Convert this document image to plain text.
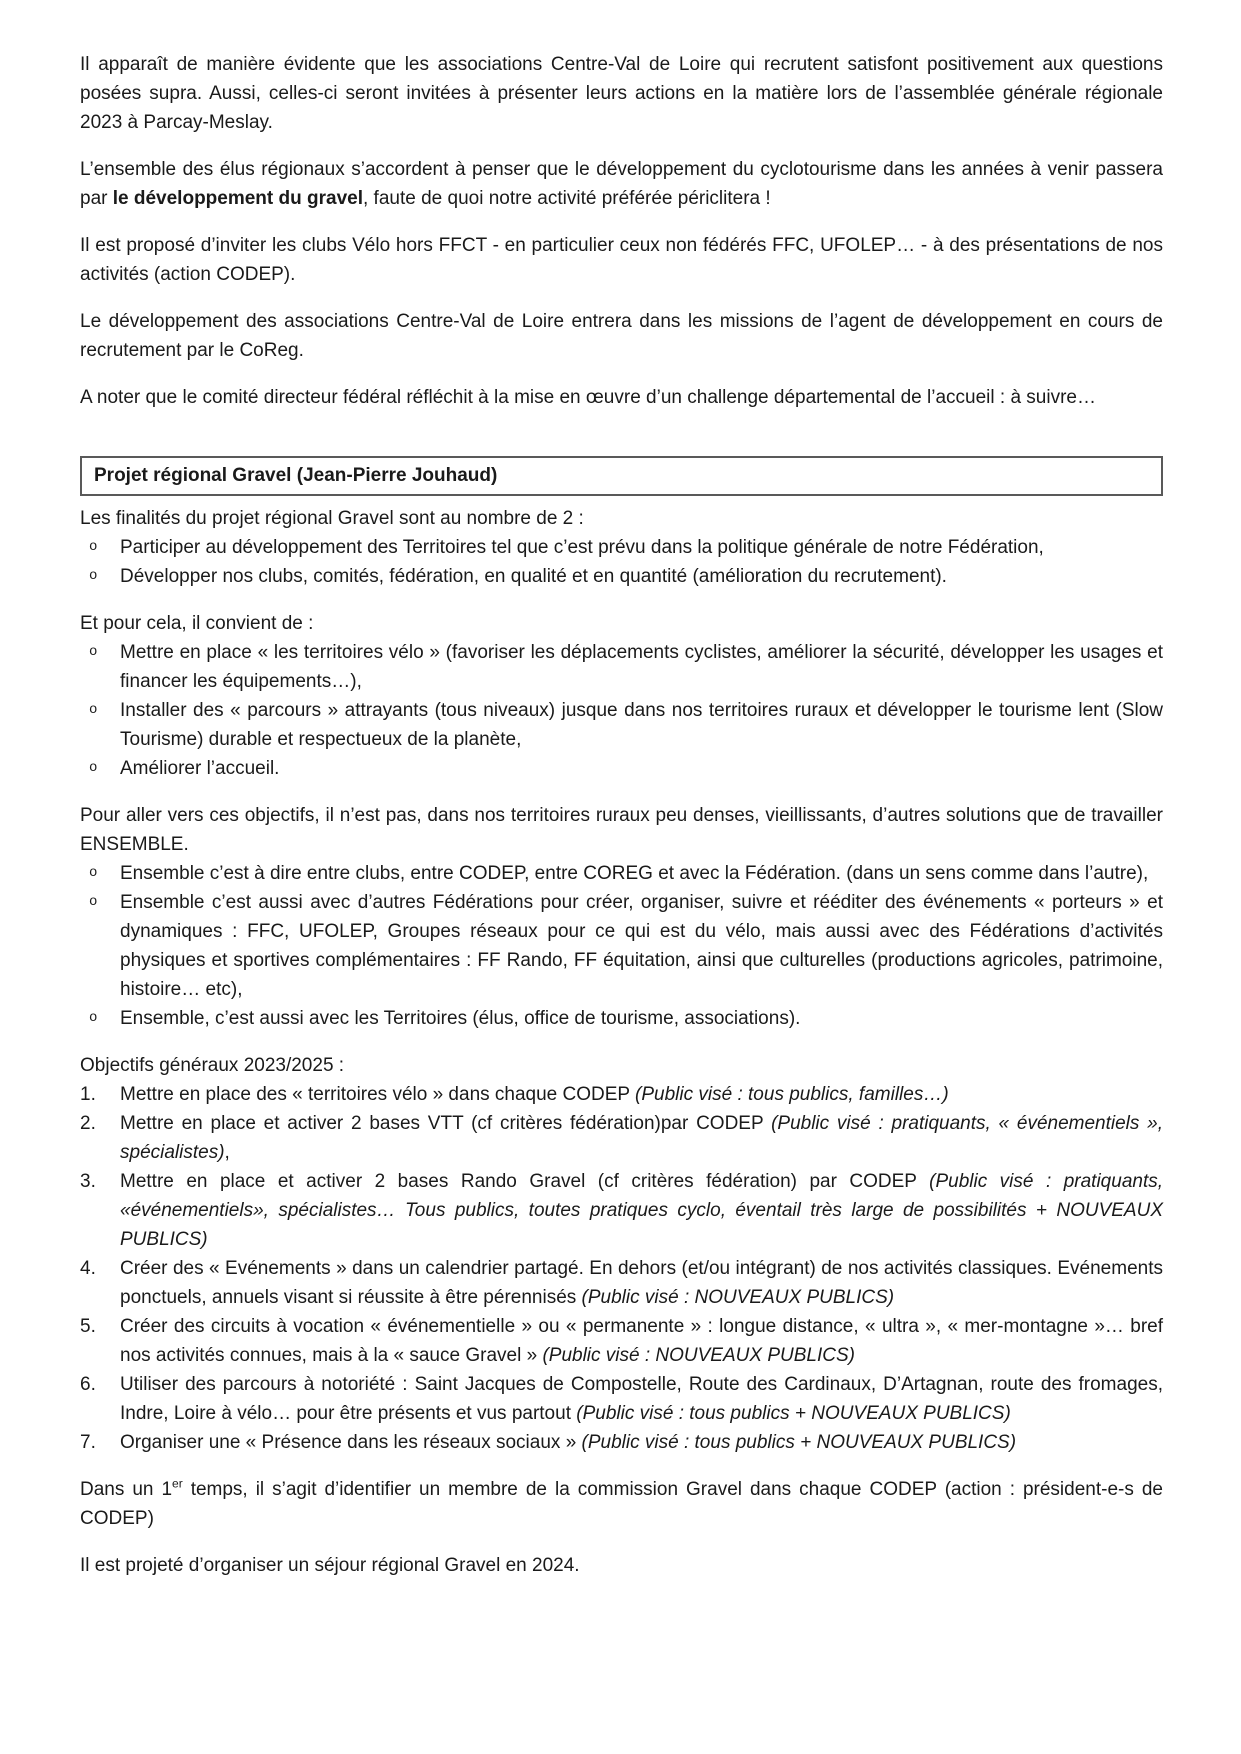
Il apparaît de manière évidente que les associations Centre-Val de Loire qui recrutent satisfont positivement aux questions posées supra. Aussi, celles-ci seront invitées à présenter leurs actions en la matière lors de l’assemblée générale régionale 2023 à Parcay-Meslay.

L’ensemble des élus régionaux s’accordent à penser que le développement du cyclotourisme dans les années à venir passera par le développement du gravel, faute de quoi notre activité préférée périclitera !

Il est proposé d’inviter les clubs Vélo hors FFCT - en particulier ceux non fédérés FFC, UFOLEP… - à des présentations de nos activités (action CODEP).

Le développement des associations Centre-Val de Loire entrera dans les missions de l’agent de développement en cours de recrutement par le CoReg.

A noter que le comité directeur fédéral réfléchit à la mise en œuvre d’un challenge départemental de l’accueil : à suivre…

Projet régional Gravel (Jean-Pierre Jouhaud)

Les finalités du projet régional Gravel sont au nombre de 2 :

o	Participer au développement des Territoires tel que c’est prévu dans la politique générale de notre Fédération,
o	Développer nos clubs, comités, fédération, en qualité et en quantité (amélioration du recrutement).

Et pour cela, il convient de :

o	Mettre en place « les territoires vélo » (favoriser les déplacements cyclistes, améliorer la sécurité, développer les usages et financer les équipements…),
o	Installer des « parcours » attrayants (tous niveaux) jusque dans nos territoires ruraux et développer le tourisme lent (Slow Tourisme) durable et respectueux de la planète,
o	Améliorer l’accueil.

Pour aller vers ces objectifs, il n’est pas, dans nos territoires ruraux peu denses, vieillissants, d’autres solutions que de travailler ENSEMBLE.

o	Ensemble c’est à dire entre clubs, entre CODEP, entre COREG et avec la Fédération. (dans un sens comme dans l’autre),
o	Ensemble c’est aussi avec d’autres Fédérations pour créer, organiser, suivre et rééditer des événements « porteurs » et dynamiques : FFC, UFOLEP, Groupes réseaux pour ce qui est du vélo, mais aussi avec des Fédérations d’activités physiques et sportives complémentaires : FF Rando, FF équitation, ainsi que culturelles (productions agricoles, patrimoine, histoire… etc),
o	Ensemble, c’est aussi avec les Territoires (élus, office de tourisme, associations).

Objectifs généraux 2023/2025 :

1.	Mettre en place des « territoires vélo » dans chaque CODEP (Public visé : tous publics, familles…)
2.	Mettre en place et activer 2 bases VTT (cf critères fédération)par CODEP (Public visé : pratiquants, « événementiels », spécialistes),
3.	Mettre en place et activer 2 bases Rando Gravel (cf critères fédération) par CODEP (Public visé : pratiquants, «événementiels», spécialistes… Tous publics, toutes pratiques cyclo, éventail très large de possibilités + NOUVEAUX PUBLICS)
4.	Créer des « Evénements » dans un calendrier partagé. En dehors (et/ou intégrant) de nos activités classiques. Evénements ponctuels, annuels visant si réussite à être pérennisés (Public visé : NOUVEAUX PUBLICS)
5.	Créer des circuits à vocation « événementielle » ou « permanente » : longue distance, « ultra », « mer-montagne »… bref nos activités connues, mais à la « sauce Gravel » (Public visé : NOUVEAUX PUBLICS)
6.	Utiliser des parcours à notoriété : Saint Jacques de Compostelle, Route des Cardinaux, D’Artagnan, route des fromages, Indre, Loire à vélo… pour être présents et vus partout (Public visé : tous publics + NOUVEAUX PUBLICS)
7.	Organiser une « Présence dans les réseaux sociaux » (Public visé : tous publics + NOUVEAUX PUBLICS)

Dans un 1er temps, il s’agit d’identifier un membre de la commission Gravel dans chaque CODEP (action : président-e-s de CODEP)

Il est projeté d’organiser un séjour régional Gravel en 2024.
